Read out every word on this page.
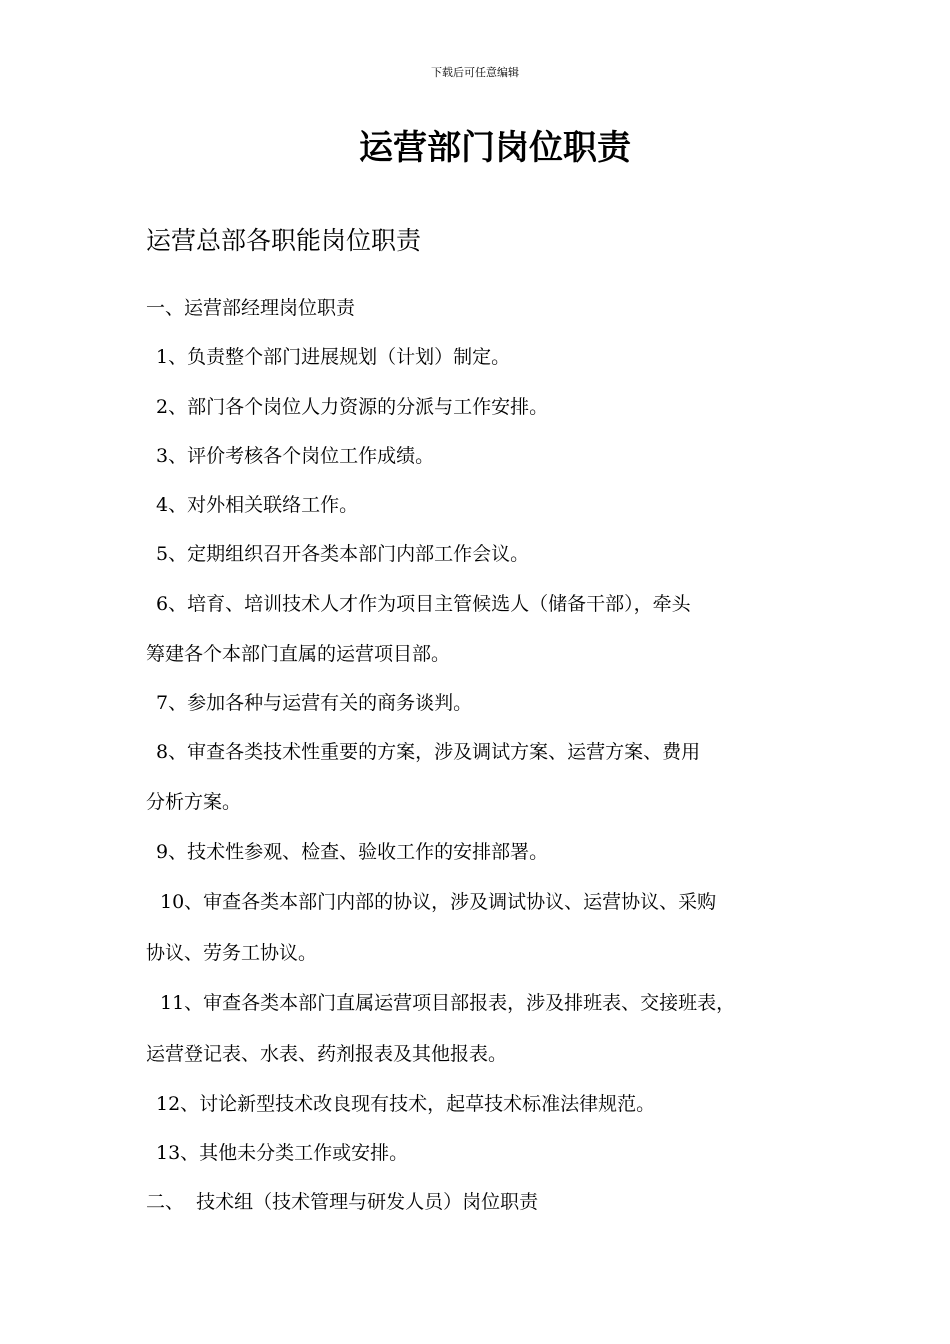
下载后可任意编辑
运营部门岗位职责
运营总部各职能岗位职责
一、运营部经理岗位职责
1、负责整个部门进展规划（计划）制定。
2、部门各个岗位人力资源的分派与工作安排。
3、评价考核各个岗位工作成绩。
4、对外相关联络工作。
5、定期组织召开各类本部门内部工作会议。
6、培育、培训技术人才作为项目主管候选人（储备干部），牵头
筹建各个本部门直属的运营项目部。
7、参加各种与运营有关的商务谈判。
8、审查各类技术性重要的方案，涉及调试方案、运营方案、费用
分析方案。
9、技术性参观、检查、验收工作的安排部署。
10、审查各类本部门内部的协议，涉及调试协议、运营协议、采购
协议、劳务工协议。
11、审查各类本部门直属运营项目部报表，涉及排班表、交接班表，
运营登记表、水表、药剂报表及其他报表。
12、讨论新型技术改良现有技术，起草技术标准法律规范。
13、其他未分类工作或安排。
二、  技术组（技术管理与研发人员）岗位职责
